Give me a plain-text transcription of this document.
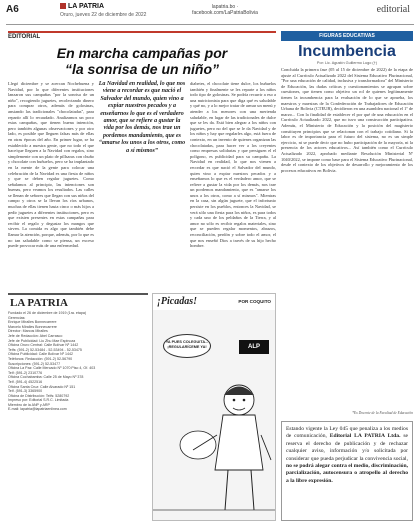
A6	LA PATRIA
Oruro, jueves 22 de diciembre de 2022
lapatria.bo · facebook.com/LaPatriaBolivia	editorial
EDITORIAL
En marcha campañas por
“la sonrisa de un niño”
Llegó diciembre y se acercan Nochebuena y Navidad, por lo que diferentes instituciones lanzaron sus campañas "por la sonrisa de un niño", recogiendo juguetes, recolectando dinero para comprar otros, además de golosinas, ansiando las tradicionales "chocolatadas", para repartir allí lo recaudado. Analizamos un poco estas campañas, que tienen buena intención, pero también algunas observaciones y por otro lado, es posible que lleguen falsas más de ellas en otras épocas del año. En primer lugar, se ha establecido a nuestra gente, que no todo el que hace/que lleguen a la Navidad con regalos, sino simplemente con un plato de pillsaras con chuño y chocolate con buñuelos, pero se ha implantado en la mente de la gente para colocar una celebración de la Navidad es una fiesta de niños y que se deben regalar juguetes. Como señalamos al principio, las intenciones son buenas, pero veamos los resultados. Las calles se llenan de señores que llegan con sus niños del campo y otros se la llevan los ríos urbanos, muchas de ellas tienen hasta cinco o más hijos a pedir juguetes a diferentes instituciones, pero es que existen presentes en estas campañas para recibir el regalo y degustar los mangos que sirven. La comida es algo que también debe llamar la atención, porque, además, por lo que es no tan saludable como se piensa, un exceso puede provocar más de una enfermedad.
diabetes, el chocolate tiene dulce, los buñuelos también y finalmente se les reparte a los niños todo tipo de golosinas. Se podría recurrir a eso a una nutricionista para que diga qué es saludable y qué no, y a lo mejor tratar de armar un menú y atender a los menores con una merienda saludable, en lugar de las tradicionales de dulce que se les da. Está bien alegrar a los niños con juguetes, pero no del que se le da Navidad y de los niños y hay que regalarles algo, está fuera de contexto, en un invento de quienes organizan las chocolatadas, para hacer ver a los creyentes como empresas solidarias y que persiguen el el polígono, es publicidad para su campaña. La Navidad en realidad, lo que nos vienen a recordar es que nació el Salvador del mundo, quien vino a expiar nuestros pecados y a enseñarnos lo que es el verdadero amor, que se refiere a gustar la vida por los demás, nos trae un pordemos mandamiento, que es "amarse los unos a los otros, como a sí mismos". Mientras en la casa, sin algún juguete, que el infortunio persiste en los pueblos, entonces la Navidad, se verá sólo una fiesta para los niños, es para todos y cada uno de los peldaños de la Tierra, y al amor no sólo es recibir regalos materiales, sino que se pueden regalar momentos, abrazos, reconciliación, perdón y sobre todo el amor, el que nos enseñó Dios a través de su hijo hecho hombre.
La Navidad en realidad, lo que nos viene a recordar es que nació el Salvador del mundo, quien vino a expiar nuestros pecados y a enseñarnos lo que es el verdadero amor, que se refiere a gustar la vida por los demás, nos trae un pordemos mandamiento, que es “amarse los unos a los otros, como a sí mismos”
LA PATRIA
Fundado el 26 de diciembre de 1919 (1ra. etapa)
Gerencias:
Enrique Miralles Bonnecarrere
Marcelo Miralles Bonnecarrere
Director: Marcos Miralles
Jefe de Redacción: Abel Carrasco
Jefe de Publicidad: Liu Zhu Mae Espinoza
Oficina Oruro Central: Calle Bolívar Nº 1442
Telfs: (591-2) 52-53484 - 52-53494 - 52-53475
Oficina Publicidad: Calle Bolívar Nº 1442
Teléfonos: Redacción: (591-2) 52-56790
Suscripciones: (591-2) 52-53477
Oficina La Paz: Calle Mercado Nº 1070 Piso 4, Of. 403
Telf: (591-2) 2310776
Oficina Cochabamba: Calle 25 de Mayo Nº 378
Telf. (591-4) 4522516
Oficina Santa Cruz: Calle Alvarado Nº 151
Telf. (591-3) 3365900
Oficina de Distribución: Telfs: 5280792
Impreso por: Editorial S.R.C. Limitada
Miembro de la ANP y ARP
E-mail: lapatria@lapatriaenlinea.com
¡Picadas!	POR COQUITO
YA PUES COLEGUITA... ¡REGULARÍCEME YA!	ALP
FIGURAS EDUCATIVAS
Incumbencia
Por: Lic. Agustín Guillermo Lugo (†)
Concluida la primera fase (05 al 15 de diciembre de 2022) de la etapa de ajuste al Currículo Actualizado 2022 del Sistema Educativo Plurinacional, "Por una educación de calidad, inclusiva y transformadora" del Ministerio de Educación, las dudas críticas y cuestionamientos se agrupan sobre cuestiones, que tienen como objetivo un rol de quienes legítimamente tienen la incumbencia para la evaluación de lo que se aprueba, los maestros y maestras de la Confederación de Trabajadores de Educación Urbana de Bolivia (CTEUB), decidieron en una asamblea nacional el 1º de marzo... Con la finalidad de establecer el por qué de una educación en el Currículo Actualizado 2022, que no tuvo una construcción participativa. Además, el Ministerio de Educación y la posición del magisterio constituyen principios que se relacionan con el trabajo cotidiano. Si la labor es de importancia para el futuro del sistema, no es un simple ejercicio, ni se puede decir que no hubo participación de la mayoría, ni la presencia de los actores educativos... Así también como el Currículo Actualizado 2022, aprobado mediante Resolución Ministerial Nº 1040/2022, se impone como base para el Sistema Educativo Plurinacional, desde el contexto de los objetivos de desarrollo y mejoramiento de los procesos educativos en Bolivia.
*Ex Docente de la Facultad de Educación
Estando vigente la Ley 045 que penaliza a los medios de comunicación, Editorial LA PATRIA Ltda. se reserva el derecho de publicación y de rechazar cualquier aviso, información y/o solicitada por considerar que pueda perjudicar la convivencia social, no se podrá alegar contra el medio, discriminación, parcialización, autocensura o atropello al derecho a la libre expresión.
